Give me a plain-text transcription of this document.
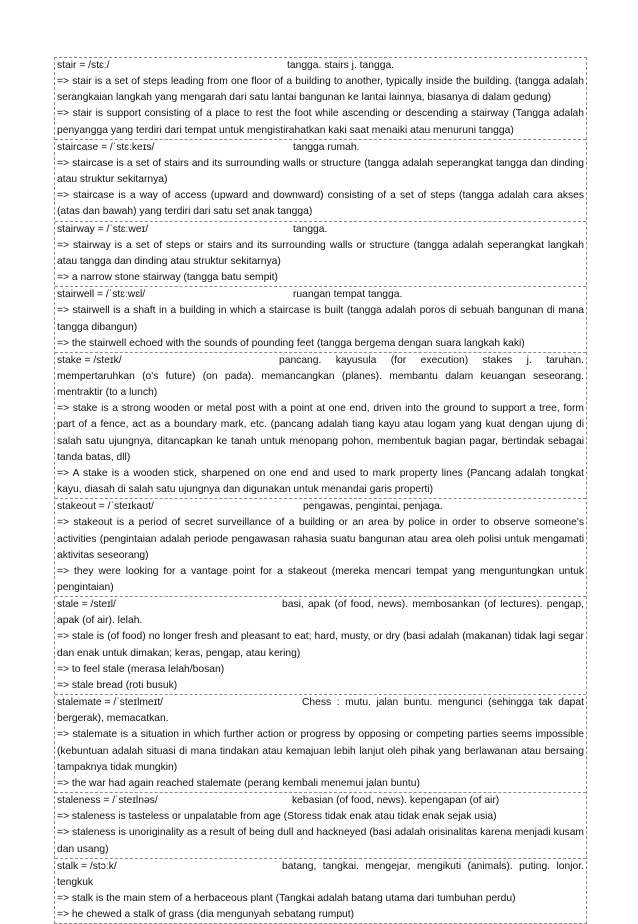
stair = /stɛː/	tangga. stairs j. tangga.
=> stair is a set of steps leading from one floor of a building to another, typically inside the building. (tangga adalah serangkaian langkah yang mengarah dari satu lantai bangunan ke lantai lainnya, biasanya di dalam gedung)
=> stair is support consisting of a place to rest the foot while ascending or descending a stairway (Tangga adalah penyangga yang terdiri dari tempat untuk mengistirahatkan kaki saat menaiki atau menuruni tangga)
staircase = /ˈstɛːkeɪs/	tangga rumah.
=> staircase is a set of stairs and its surrounding walls or structure (tangga adalah seperangkat tangga dan dinding atau struktur sekitarnya)
=> staircase is a way of access (upward and downward) consisting of a set of steps (tangga adalah cara akses (atas dan bawah) yang terdiri dari satu set anak tangga)
stairway = /ˈstɛːweɪ/	tangga.
=> stairway is a set of steps or stairs and its surrounding walls or structure (tangga adalah seperangkat langkah atau tangga dan dinding atau struktur sekitarnya)
=> a narrow stone stairway (tangga batu sempit)
stairwell = /ˈstɛːwɛl/	ruangan tempat tangga.
=> stairwell is a shaft in a building in which a staircase is built (tangga adalah poros di sebuah bangunan di mana tangga dibangun)
=> the stairwell echoed with the sounds of pounding feet (tangga bergema dengan suara langkah kaki)
stake = /steɪk/	pancang. kayusula (for execution) stakes j. taruhan. mempertaruhkan (o's future) (on pada). memancangkan (planes). membantu dalam keuangan seseorang. mentraktir (to a lunch)
=> stake is a strong wooden or metal post with a point at one end, driven into the ground to support a tree, form part of a fence, act as a boundary mark, etc. (pancang adalah tiang kayu atau logam yang kuat dengan ujung di salah satu ujungnya, ditancapkan ke tanah untuk menopang pohon, membentuk bagian pagar, bertindak sebagai tanda batas, dll)
=> A stake is a wooden stick, sharpened on one end and used to mark property lines (Pancang adalah tongkat kayu, diasah di salah satu ujungnya dan digunakan untuk menandai garis properti)
stakeout = /ˈsteɪkaʊt/	pengawas, pengintai, penjaga.
=> stakeout is a period of secret surveillance of a building or an area by police in order to observe someone's activities (pengintaian adalah periode pengawasan rahasia suatu bangunan atau area oleh polisi untuk mengamati aktivitas seseorang)
=> they were looking for a vantage point for a stakeout (mereka mencari tempat yang menguntungkan untuk pengintaian)
stale = /steɪl/	basi, apak (of food, news). membosankan (of lectures). pengap, apak (of air). lelah.
=> stale is (of food) no longer fresh and pleasant to eat; hard, musty, or dry (basi adalah (makanan) tidak lagi segar dan enak untuk dimakan; keras, pengap, atau kering)
=> to feel stale (merasa lelah/bosan)
=> stale bread (roti busuk)
stalemate = /ˈsteɪlmeɪt/	Chess : mutu. jalan buntu. mengunci (sehingga tak dapat bergerak), memacatkan.
=> stalemate is a situation in which further action or progress by opposing or competing parties seems impossible (kebuntuan adalah situasi di mana tindakan atau kemajuan lebih lanjut oleh pihak yang berlawanan atau bersaing tampaknya tidak mungkin)
=> the war had again reached stalemate (perang kembali menemui jalan buntu)
staleness = /ˈsteɪlnəs/	kebasian (of food, news). kepengapan (of air)
=> staleness is tasteless or unpalatable from age (Storess tidak enak atau tidak enak sejak usia)
=> staleness is unoriginality as a result of being dull and hackneyed (basi adalah orisinalitas karena menjadi kusam dan usang)
stalk = /stɔːk/	batang, tangkai. mengejar, mengikuti (animals). puting. lonjor. tengkuk
=> stalk is the main stem of a herbaceous plant (Tangkai adalah batang utama dari tumbuhan perdu)
=> he chewed a stalk of grass (dia mengunyah sebatang rumput)
